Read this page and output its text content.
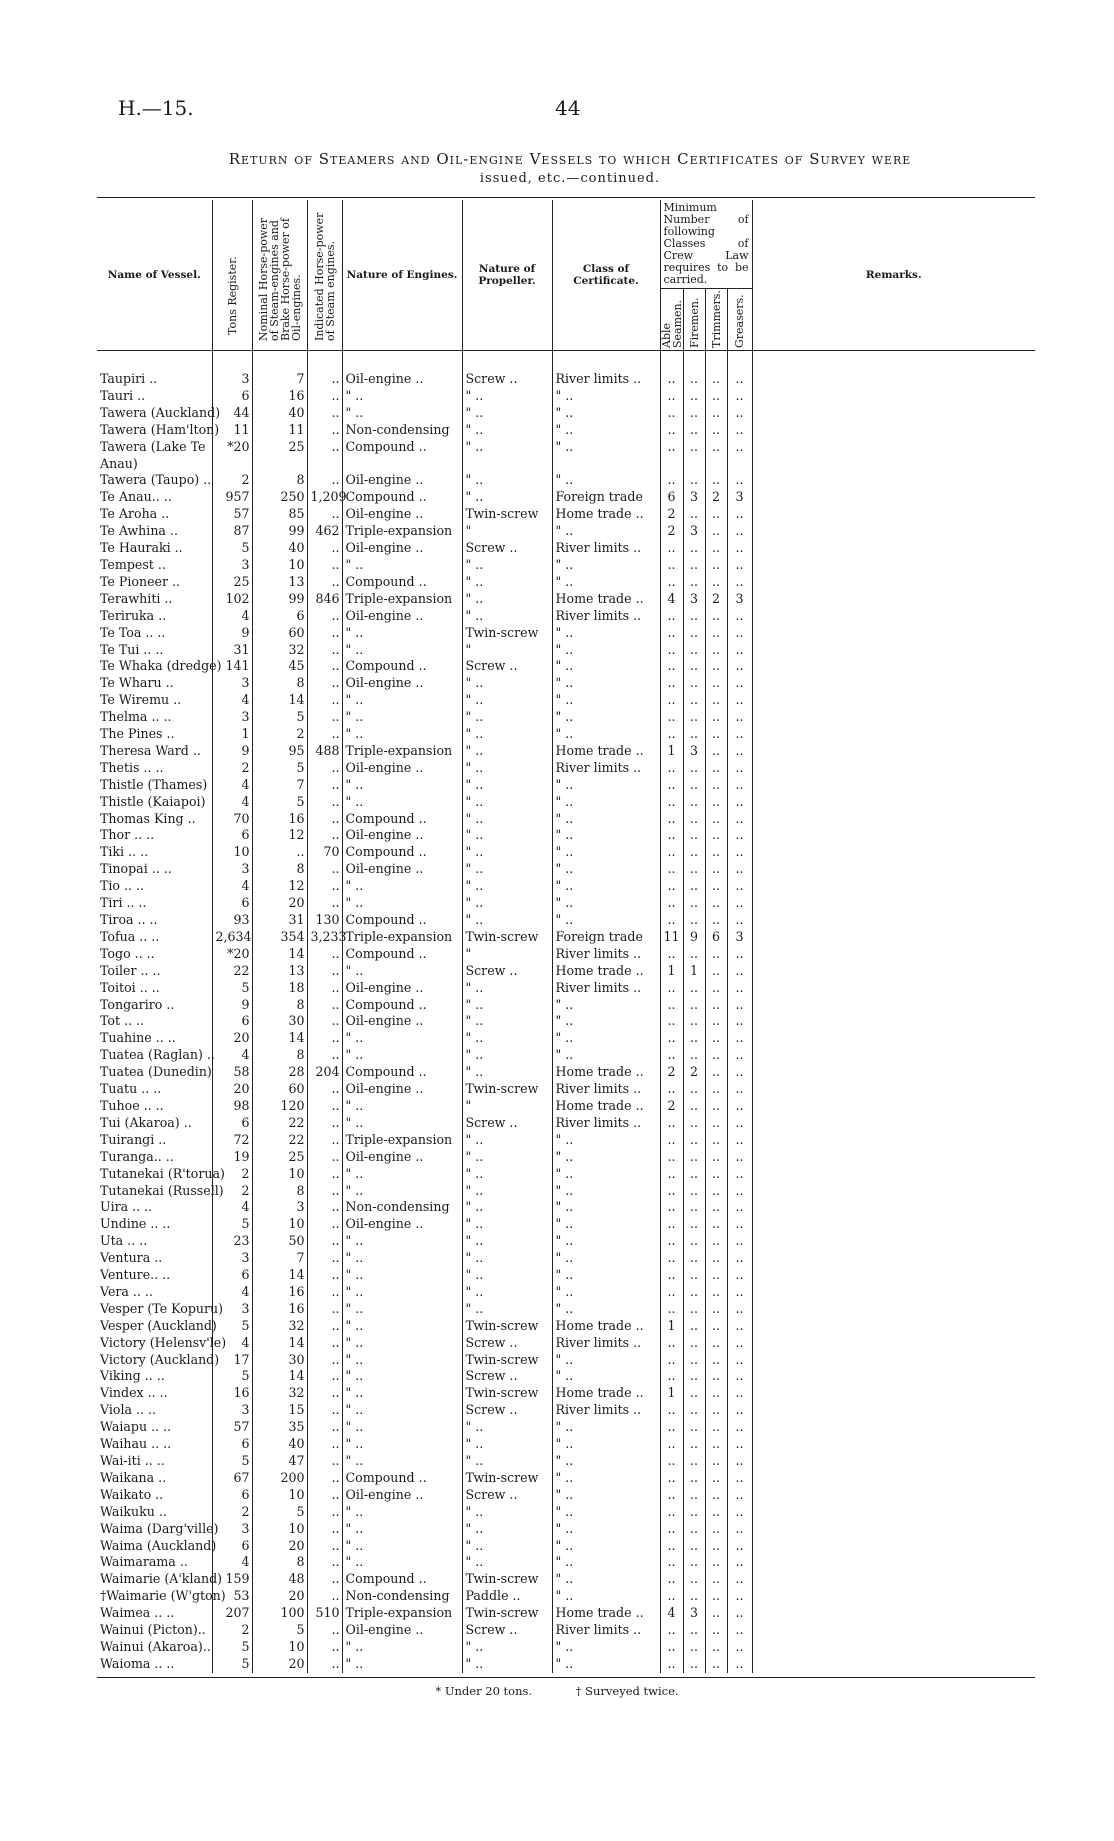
H.—15.	44
Return of Steamers and Oil-engine Vessels to which Certificates of Survey were
issued, etc.—continued.
Name of Vessel.	Tons Register.	Nominal Horse-power of Steam-engines and Brake Horse-power of Oil-engines.	Indicated Horse-power of Steam engines.	Nature of Engines.	Nature of Propeller.	Class of Certificate.	Minimum Number of following Classes of Crew Law requires to be carried.				Remarks.

							Able Seamen.	Firemen.	Trimmers.	Greasers.	

Taupiri ..	3	7	..	Oil-engine ..	Screw ..	River limits ..	..	..	..	..	
Tauri ..	6	16	..	" ..	" ..	" ..	..	..	..	..	
Tawera (Auckland)	44	40	..	" ..	" ..	" ..	..	..	..	..	
Tawera (Ham'lton)	11	11	..	Non-condensing	" ..	" ..	..	..	..	..	
Tawera (Lake Te	*20	25	..	Compound ..	" ..	" ..	..	..	..	..	
Anau)											
Tawera (Taupo) ..	2	8	..	Oil-engine ..	" ..	" ..	..	..	..	..	
Te Anau.. ..	957	250	1,209	Compound ..	" ..	Foreign trade	6	3	2	3	
Te Aroha ..	57	85	..	Oil-engine ..	Twin-screw	Home trade ..	2	..	..	..	
Te Awhina ..	87	99	462	Triple-expansion	"	" ..	2	3	..	..	
Te Hauraki ..	5	40	..	Oil-engine ..	Screw ..	River limits ..	..	..	..	..	
Tempest ..	3	10	..	" ..	" ..	" ..	..	..	..	..	
Te Pioneer ..	25	13	..	Compound ..	" ..	" ..	..	..	..	..	
Terawhiti ..	102	99	846	Triple-expansion	" ..	Home trade ..	4	3	2	3	
Teriruka ..	4	6	..	Oil-engine ..	" ..	River limits ..	..	..	..	..	
Te Toa .. ..	9	60	..	" ..	Twin-screw	" ..	..	..	..	..	
Te Tui .. ..	31	32	..	" ..	"	" ..	..	..	..	..	
Te Whaka (dredge)	141	45	..	Compound ..	Screw ..	" ..	..	..	..	..	
Te Wharu ..	3	8	..	Oil-engine ..	" ..	" ..	..	..	..	..	
Te Wiremu ..	4	14	..	" ..	" ..	" ..	..	..	..	..	
Thelma .. ..	3	5	..	" ..	" ..	" ..	..	..	..	..	
The Pines ..	1	2	..	" ..	" ..	" ..	..	..	..	..	
Theresa Ward ..	9	95	488	Triple-expansion	" ..	Home trade ..	1	3	..	..	
Thetis .. ..	2	5	..	Oil-engine ..	" ..	River limits ..	..	..	..	..	
Thistle (Thames)	4	7	..	" ..	" ..	" ..	..	..	..	..	
Thistle (Kaiapoi)	4	5	..	" ..	" ..	" ..	..	..	..	..	
Thomas King ..	70	16	..	Compound ..	" ..	" ..	..	..	..	..	
Thor .. ..	6	12	..	Oil-engine ..	" ..	" ..	..	..	..	..	
Tiki .. ..	10	..	70	Compound ..	" ..	" ..	..	..	..	..	
Tinopai .. ..	3	8	..	Oil-engine ..	" ..	" ..	..	..	..	..	
Tio .. ..	4	12	..	" ..	" ..	" ..	..	..	..	..	
Tiri .. ..	6	20	..	" ..	" ..	" ..	..	..	..	..	
Tiroa .. ..	93	31	130	Compound ..	" ..	" ..	..	..	..	..	
Tofua .. ..	2,634	354	3,233	Triple-expansion	Twin-screw	Foreign trade	11	9	6	3	
Togo .. ..	*20	14	..	Compound ..	"	River limits ..	..	..	..	..	
Toiler .. ..	22	13	..	" ..	Screw ..	Home trade ..	1	1	..	..	
Toitoi .. ..	5	18	..	Oil-engine ..	" ..	River limits ..	..	..	..	..	
Tongariro ..	9	8	..	Compound ..	" ..	" ..	..	..	..	..	
Tot .. ..	6	30	..	Oil-engine ..	" ..	" ..	..	..	..	..	
Tuahine .. ..	20	14	..	" ..	" ..	" ..	..	..	..	..	
Tuatea (Raglan) ..	4	8	..	" ..	" ..	" ..	..	..	..	..	
Tuatea (Dunedin)	58	28	204	Compound ..	" ..	Home trade ..	2	2	..	..	
Tuatu .. ..	20	60	..	Oil-engine ..	Twin-screw	River limits ..	..	..	..	..	
Tuhoe .. ..	98	120	..	" ..	"	Home trade ..	2	..	..	..	
Tui (Akaroa) ..	6	22	..	" ..	Screw ..	River limits ..	..	..	..	..	
Tuirangi ..	72	22	..	Triple-expansion	" ..	" ..	..	..	..	..	
Turanga.. ..	19	25	..	Oil-engine ..	" ..	" ..	..	..	..	..	
Tutanekai (R'torua)	2	10	..	" ..	" ..	" ..	..	..	..	..	
Tutanekai (Russell)	2	8	..	" ..	" ..	" ..	..	..	..	..	
Uira .. ..	4	3	..	Non-condensing	" ..	" ..	..	..	..	..	
Undine .. ..	5	10	..	Oil-engine ..	" ..	" ..	..	..	..	..	
Uta .. ..	23	50	..	" ..	" ..	" ..	..	..	..	..	
Ventura ..	3	7	..	" ..	" ..	" ..	..	..	..	..	
Venture.. ..	6	14	..	" ..	" ..	" ..	..	..	..	..	
Vera .. ..	4	16	..	" ..	" ..	" ..	..	..	..	..	
Vesper (Te Kopuru)	3	16	..	" ..	" ..	" ..	..	..	..	..	
Vesper (Auckland)	5	32	..	" ..	Twin-screw	Home trade ..	1	..	..	..	
Victory (Helensv'le)	4	14	..	" ..	Screw ..	River limits ..	..	..	..	..	
Victory (Auckland)	17	30	..	" ..	Twin-screw	" ..	..	..	..	..	
Viking .. ..	5	14	..	" ..	Screw ..	" ..	..	..	..	..	
Vindex .. ..	16	32	..	" ..	Twin-screw	Home trade ..	1	..	..	..	
Viola .. ..	3	15	..	" ..	Screw ..	River limits ..	..	..	..	..	
Waiapu .. ..	57	35	..	" ..	" ..	" ..	..	..	..	..	
Waihau .. ..	6	40	..	" ..	" ..	" ..	..	..	..	..	
Wai-iti .. ..	5	47	..	" ..	" ..	" ..	..	..	..	..	
Waikana ..	67	200	..	Compound ..	Twin-screw	" ..	..	..	..	..	
Waikato ..	6	10	..	Oil-engine ..	Screw ..	" ..	..	..	..	..	
Waikuku ..	2	5	..	" ..	" ..	" ..	..	..	..	..	
Waima (Darg'ville)	3	10	..	" ..	" ..	" ..	..	..	..	..	
Waima (Auckland)	6	20	..	" ..	" ..	" ..	..	..	..	..	
Waimarama ..	4	8	..	" ..	" ..	" ..	..	..	..	..	
Waimarie (A'kland)	159	48	..	Compound ..	Twin-screw	" ..	..	..	..	..	
†Waimarie (W'gton)	53	20	..	Non-condensing	Paddle ..	" ..	..	..	..	..	
Waimea .. ..	207	100	510	Triple-expansion	Twin-screw	Home trade ..	4	3	..	..	
Wainui (Picton)..	2	5	..	Oil-engine ..	Screw ..	River limits ..	..	..	..	..	
Wainui (Akaroa)..	5	10	..	" ..	" ..	" ..	..	..	..	..	
Waioma .. ..	5	20	..	" ..	" ..	" ..	..	..	..	..	
* Under 20 tons.	† Surveyed twice.
